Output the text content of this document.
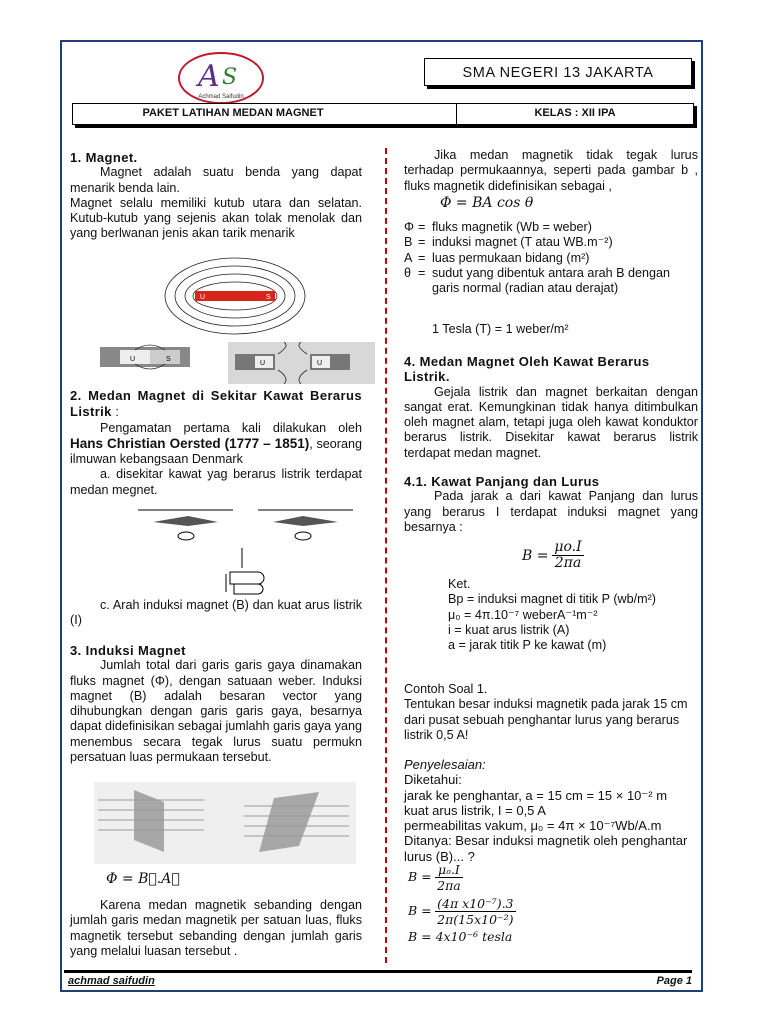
A S
Achmad Saifudin
SMA NEGERI 13 JAKARTA
PAKET LATIHAN MEDAN MAGNET	KELAS : XII IPA

1. Magnet.

Magnet adalah suatu benda yang dapat menarik benda lain.

Magnet selalu memiliki kutub utara dan selatan. Kutub-kutub yang sejenis akan tolak menolak dan yang berlwanan jenis akan tarik menarik

U	S
U	S
U	U

2. Medan Magnet di Sekitar Kawat Berarus Listrik :

Pengamatan pertama kali dilakukan oleh Hans Christian Oersted (1777 – 1851), seorang ilmuwan kebangsaan Denmark

a. disekitar kawat yag berarus listrik terdapat medan megnet.

c. Arah induksi magnet (B) dan kuat arus listrik (I)

3. Induksi Magnet

Jumlah total dari garis garis gaya dinamakan fluks magnet (Φ), dengan satuaan weber. Induksi magnet (B) adalah besaran vector yang dihubungkan dengan garis garis gaya, besarnya dapat didefinisikan sebagai jumlahh garis gaya yang menembus secara tegak lurus suatu permukn persatuan luas permukaan tersebut.

Φ = B⃗.A⃗

Karena medan magnetik sebanding dengan jumlah garis medan magnetik per satuan luas, fluks magnetik tersebut sebanding dengan jumlah garis yang melalui luasan tersebut .

Jika medan magnetik tidak tegak lurus terhadap permukaannya, seperti pada gambar b , fluks magnetik didefinisikan sebagai ,

Φ = BA cos θ
Φ = fluks magnetik (Wb = weber)
B = induksi magnet (T atau WB.m⁻²)
A = luas permukaan bidang (m²)
θ = sudut yang dibentuk antara arah B dengan garis normal (radian atau derajat)

1 Tesla (T) = 1 weber/m²

4. Medan Magnet Oleh Kawat Berarus Listrik.

Gejala listrik dan magnet berkaitan dengan sangat erat. Kemungkinan tidak hanya ditimbulkan oleh magnet alam, tetapi juga oleh kawat konduktor berarus listrik. Disekitar kawat berarus listrik terdapat medan magnet.

4.1. Kawat Panjang dan Lurus

Pada jarak a dari kawat Panjang dan lurus yang berarus I terdapat induksi magnet yang besarnya :

$B = \frac{\mu o.I}{2\pi a}$

Ket.

Bp = induksi magnet di titik P (wb/m²)

μ₀ = 4π.10⁻⁷ weberA⁻¹m⁻²

i = kuat arus listrik (A)

a = jarak titik P ke kawat (m)

Contoh Soal 1.

Tentukan besar induksi magnetik pada jarak 15 cm dari pusat sebuah penghantar lurus yang berarus listrik 0,5 A!

Penyelesaian:

Diketahui:

jarak ke penghantar, a = 15 cm = 15 × 10⁻² m

kuat arus listrik, I = 0,5 A

permeabilitas vakum, μ₀ = 4π × 10⁻⁷Wb/A.m

Ditanya: Besar induksi magnetik oleh penghantar lurus (B)... ?

$B = \frac{\text{μₒ.I}}{2\pi a}$
$B = \frac{\text{(4π x10⁻⁷).3}}{\text{2π(15x10⁻²)}}$
B = 4x10⁻⁶ tesla
achmad saifudin	Page 1
